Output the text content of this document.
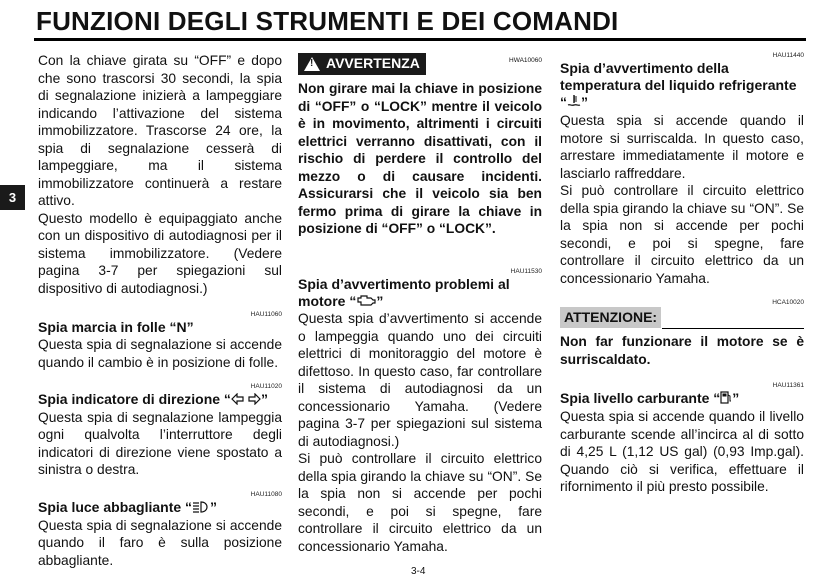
FUNZIONI DEGLI STRUMENTI E DEI COMANDI
3

Con la chiave girata su “OFF” e dopo che sono trascorsi 30 secondi, la spia di segnalazione inizierà a lampeggiare indicando l’attivazione del sistema immobilizzatore. Trascorse 24 ore, la spia di segnalazione cesserà di lampeggiare, ma il sistema immobilizzatore continuerà a restare attivo.

Questo modello è equipaggiato anche con un dispositivo di autodiagnosi per il sistema immobilizzatore. (Vedere pagina 3-7 per spiegazioni sul dispositivo di autodiagnosi.)

HAU11060
Spia marcia in folle “N”

Questa spia di segnalazione si accende quando il cambio è in posizione di folle.

HAU11020
Spia indicatore di direzione “ ”

Questa spia di segnalazione lampeggia ogni qualvolta l’interruttore degli indicatori di direzione viene spostato a sinistra o destra.

HAU11080
Spia luce abbagliante “ ”

Questa spia di segnalazione si accende quando il faro è sulla posizione abbagliante.

!
AVVERTENZA	HWA10060

Non girare mai la chiave in posizione di “OFF” o “LOCK” mentre il veicolo è in movimento, altrimenti i circuiti elettrici verranno disattivati, con il rischio di perdere il controllo del mezzo o di causare incidenti. Assicurarsi che il veicolo sia ben fermo prima di girare la chiave in posizione di “OFF” o “LOCK”.

HAU11530
Spia d’avvertimento problemi al motore “ ”

Questa spia d’avvertimento si accende o lampeggia quando uno dei circuiti elettrici di monitoraggio del motore è difettoso. In questo caso, far controllare il sistema di autodiagnosi da un concessionario Yamaha. (Vedere pagina 3-7 per spiegazioni sul sistema di autodiagnosi.)

Si può controllare il circuito elettrico della spia girando la chiave su “ON”. Se la spia non si accende per pochi secondi, e poi si spegne, fare controllare il circuito elettrico da un concessionario Yamaha.

HAU11440
Spia d’avvertimento della temperatura del liquido refrigerante “ ”

Questa spia si accende quando il motore si surriscalda. In questo caso, arrestare immediatamente il motore e lasciarlo raffreddare.

Si può controllare il circuito elettrico della spia girando la chiave su “ON”. Se la spia non si accende per pochi secondi, e poi si spegne, fare controllare il circuito elettrico da un concessionario Yamaha.

HCA10020
ATTENZIONE:

Non far funzionare il motore se è surriscaldato.

HAU11361
Spia livello carburante “ ”

Questa spia si accende quando il livello carburante scende all’incirca al di sotto di 4,25 L (1,12 US gal) (0,93 Imp.gal). Quando ciò si verifica, effettuare il rifornimento il più presto possibile.

3-4
